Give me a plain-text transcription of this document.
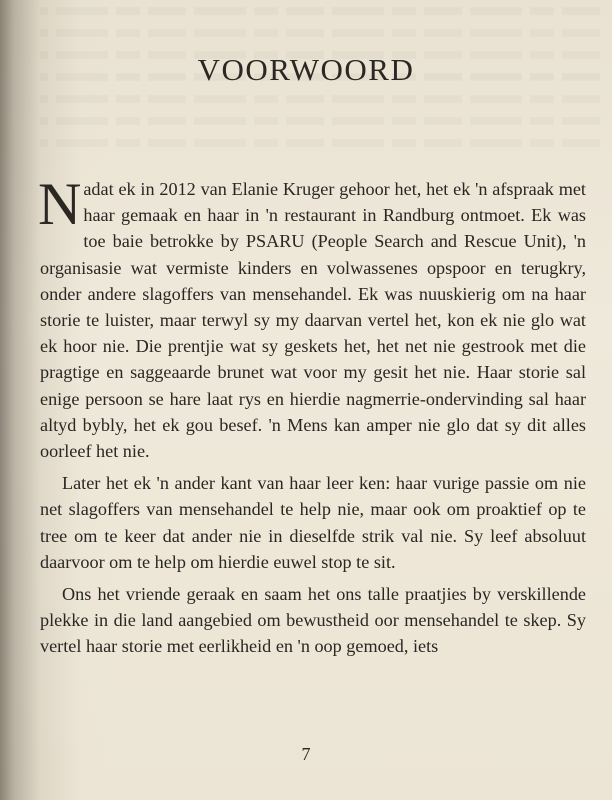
VOORWOORD

Nadat ek in 2012 van Elanie Kruger gehoor het, het ek 'n afspraak met haar gemaak en haar in 'n restaurant in Randburg ontmoet. Ek was toe baie betrokke by PSARU (People Search and Rescue Unit), 'n organisasie wat vermiste kinders en volwassenes opspoor en terugkry, onder andere slagoffers van mensehandel. Ek was nuuskierig om na haar storie te luister, maar terwyl sy my daarvan vertel het, kon ek nie glo wat ek hoor nie. Die prentjie wat sy geskets het, het net nie gestrook met die pragtige en saggeaarde brunet wat voor my gesit het nie. Haar storie sal enige persoon se hare laat rys en hierdie nagmerrie-ondervinding sal haar altyd bybly, het ek gou besef. 'n Mens kan amper nie glo dat sy dit alles oorleef het nie.

Later het ek 'n ander kant van haar leer ken: haar vurige passie om nie net slagoffers van mensehandel te help nie, maar ook om proaktief op te tree om te keer dat ander nie in dieselfde strik val nie. Sy leef absoluut daarvoor om te help om hierdie euwel stop te sit.

Ons het vriende geraak en saam het ons talle praatjies by verskillende plekke in die land aangebied om bewustheid oor mensehandel te skep. Sy vertel haar storie met eerlikheid en 'n oop gemoed, iets

7
